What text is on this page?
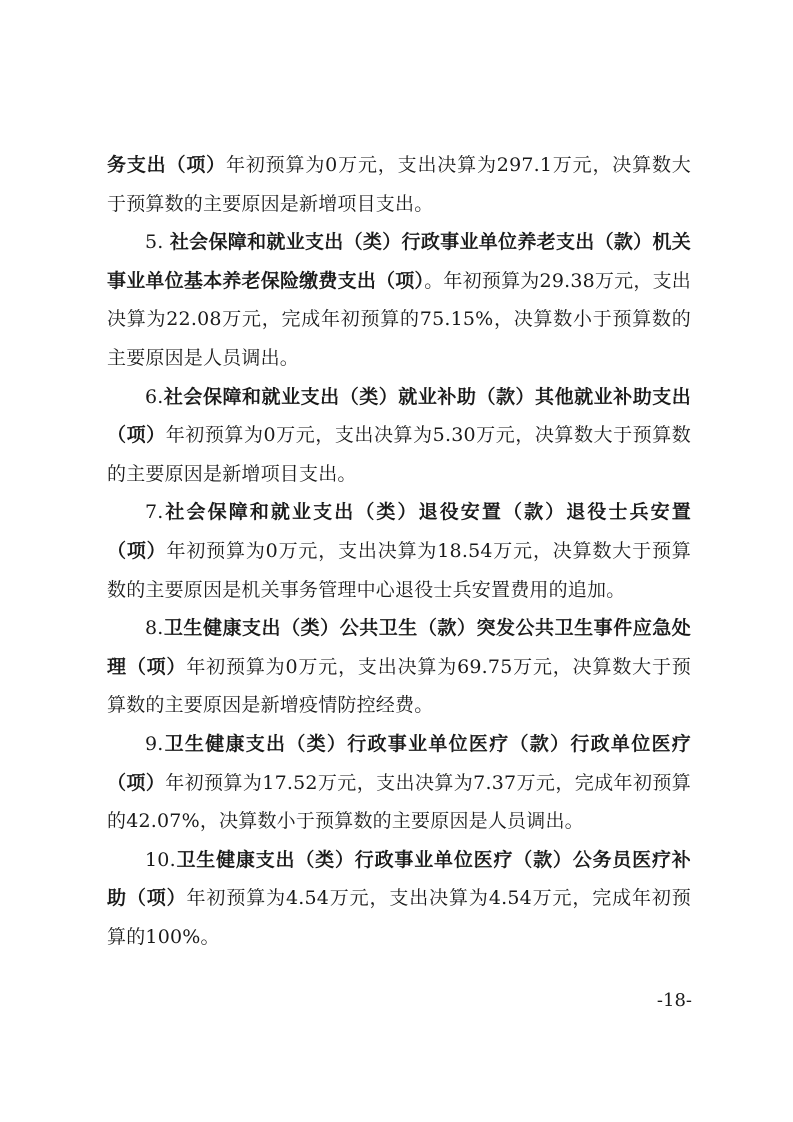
务支出（项）年初预算为0万元，支出决算为297.1万元，决算数大于预算数的主要原因是新增项目支出。

5. 社会保障和就业支出（类）行政事业单位养老支出（款）机关事业单位基本养老保险缴费支出（项）。年初预算为29.38万元，支出决算为22.08万元，完成年初预算的75.15%，决算数小于预算数的主要原因是人员调出。

6.社会保障和就业支出（类）就业补助（款）其他就业补助支出（项）年初预算为0万元，支出决算为5.30万元，决算数大于预算数的主要原因是新增项目支出。

7.社会保障和就业支出（类）退役安置（款）退役士兵安置（项）年初预算为0万元，支出决算为18.54万元，决算数大于预算数的主要原因是机关事务管理中心退役士兵安置费用的追加。

8.卫生健康支出（类）公共卫生（款）突发公共卫生事件应急处理（项）年初预算为0万元，支出决算为69.75万元，决算数大于预算数的主要原因是新增疫情防控经费。

9.卫生健康支出（类）行政事业单位医疗（款）行政单位医疗（项）年初预算为17.52万元，支出决算为7.37万元，完成年初预算的42.07%，决算数小于预算数的主要原因是人员调出。

10.卫生健康支出（类）行政事业单位医疗（款）公务员医疗补助（项）年初预算为4.54万元，支出决算为4.54万元，完成年初预算的100%。

-18-
